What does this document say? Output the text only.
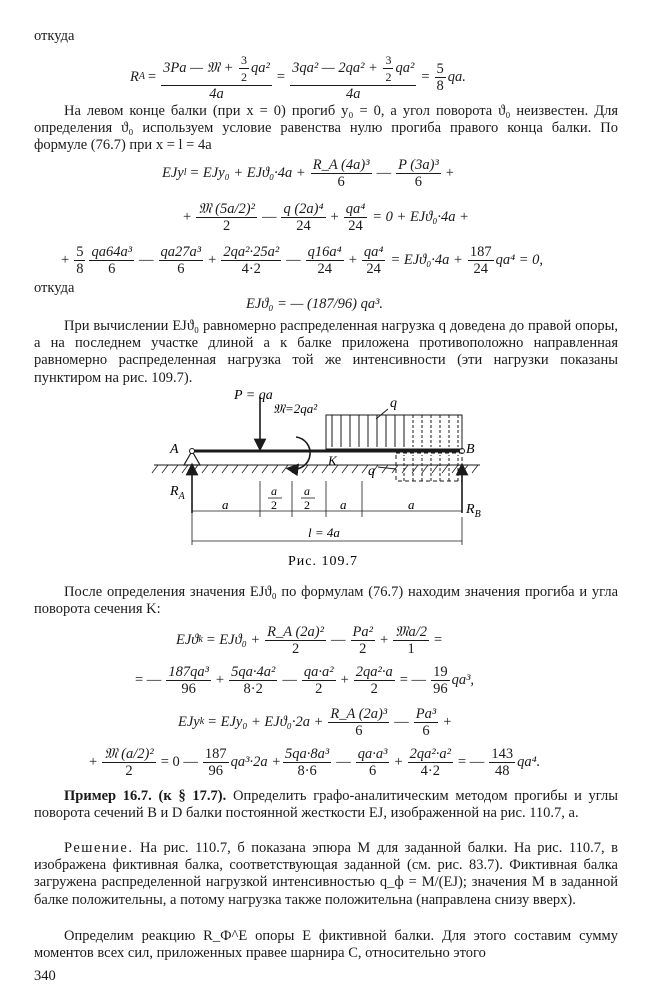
откуда
R $A = \frac{3Pa — 𝔐 + \frac{3}{2} qa^2}{4a} = \frac{3qa^2 — 2qa^2 + \frac{3}{2} qa^2}{4a} = \frac{5}{8}$ qa.

На левом конце балки (при x = 0) прогиб y₀ = 0, а угол поворота ϑ₀ неизвестен. Для определения ϑ₀ используем условие равенства нулю прогиба правого конца балки. По формуле (76.7) при x = l = 4a

EJy $l = EJy_0 + EJϑ_0\cdot 4a + \frac{\text{R\_A (4a)³}}{6}$ — $\frac{\text{P (3a)³}}{6}$ +
+ $\frac{\text{𝔐 (5a/2)²}}{2}$ — $\frac{\text{q (2a)⁴}}{24} + \frac{\text{qa⁴}}{24} = 0 + EJϑ_0\cdot 4a$ +
+ $\frac{5}{8} \frac{\text{qa64a³}}{6}$ — $\frac{\text{qa27a³}}{6} + \frac{\text{2qa²·25a²}}{4\cdot 2}$ — $\frac{\text{q16a⁴}}{24} + \frac{\text{qa⁴}}{24} = EJϑ_0\cdot 4a + \frac{187}{24} qa^4 = 0$,
откуда
EJϑ₀ = — (187/96) qa³.

При вычислении EJϑ₀ равномерно распределенная нагрузка q доведена до правой опоры, а на последнем участке длиной a к балке приложена противоположно направленная равномерно распределенная нагрузка той же интенсивности (эти нагрузки показаны пунктиром на рис. 109.7).

P = qa
𝔐=2qa²	q
q
A	B
K
$R_A$
$R_B$
a
a
2
a
2 a	a
l = 4a
Рис. 109.7

После определения значения EJϑ₀ по формулам (76.7) находим значения прогиба и угла поворота сечения K:

EJϑ $k = EJϑ_0 + \frac{\text{R\_A (2a)²}}{2}$ — $\frac{\text{Pa²}}{2} + \frac{\text{𝔐a/2}}{1}$ =
= — $\frac{\text{187qa³}}{96} + \frac{\text{5qa·4a²}}{8\cdot 2}$ — $\frac{\text{qa·a²}}{2} + \frac{\text{2qa²·a}}{2}$ = — $\frac{19}{96} qa^3$,
EJy $k = EJy_0 + EJϑ_0\cdot 2a + \frac{\text{R\_A (2a)³}}{6}$ — $\frac{\text{Pa³}}{6}$ +
+ $\frac{\text{𝔐 (a/2)²}}{2} = 0$ — $\frac{187}{96} qa^3\cdot 2a + \frac{\text{5qa·8a³}}{8\cdot 6}$ — $\frac{\text{qa·a³}}{6} + \frac{\text{2qa²·a²}}{4\cdot 2}$ = — $\frac{143}{48} qa^4$.

Пример 16.7. (к § 17.7). Определить графо-аналитическим методом прогибы и углы поворота сечений B и D балки постоянной жесткости EJ, изображенной на рис. 110.7, a.

Решение. На рис. 110.7, б показана эпюра M для заданной балки. На рис. 110.7, в изображена фиктивная балка, соответствующая заданной (см. рис. 83.7). Фиктивная балка загружена распределенной нагрузкой интенсивностью q_ф = M/(EJ); значения M в заданной балке положительны, а потому нагрузка также положительна (направлена снизу вверх).

Определим реакцию R_Ф^E опоры E фиктивной балки. Для этого составим сумму моментов всех сил, приложенных правее шарнира C, относительно этого

340
